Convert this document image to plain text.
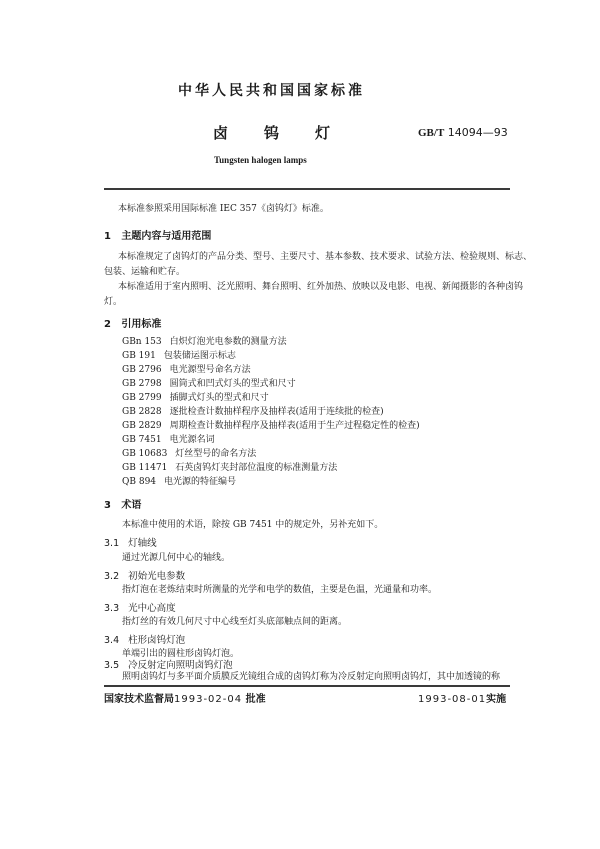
中华人民共和国国家标准
卤 钨 灯	GB/T 14094—93
Tungsten halogen lamps
本标准参照采用国际标准 IEC 357《卤钨灯》标准。
1 主题内容与适用范围
本标准规定了卤钨灯的产品分类、型号、主要尺寸、基本参数、技术要求、试验方法、检验规则、标志、
包装、运输和贮存。
本标准适用于室内照明、泛光照明、舞台照明、红外加热、放映以及电影、电视、新闻摄影的各种卤钨
灯。
2 引用标准
GBn 153 白炽灯泡光电参数的测量方法
GB 191 包装储运图示标志
GB 2796 电光源型号命名方法
GB 2798 圆筒式和凹式灯头的型式和尺寸
GB 2799 插脚式灯头的型式和尺寸
GB 2828 逐批检查计数抽样程序及抽样表(适用于连续批的检查)
GB 2829 周期检查计数抽样程序及抽样表(适用于生产过程稳定性的检查)
GB 7451 电光源名词
GB 10683 灯丝型号的命名方法
GB 11471 石英卤钨灯夹封部位温度的标准测量方法
QB 894 电光源的特征编号
3 术语
本标准中使用的术语，除按 GB 7451 中的规定外，另补充如下。
3.1 灯轴线
通过光源几何中心的轴线。
3.2 初始光电参数
指灯泡在老炼结束时所测量的光学和电学的数值，主要是色温，光通量和功率。
3.3 光中心高度
指灯丝的有效几何尺寸中心线至灯头底部触点间的距离。
3.4 柱形卤钨灯泡
单端引出的圆柱形卤钨灯泡。
3.5 冷反射定向照明卤钨灯泡
照明卤钨灯与多平面介质膜反光镜组合成的卤钨灯称为冷反射定向照明卤钨灯，其中加透镜的称
国家技术监督局1993-02-04 批准	1993-08-01实施
